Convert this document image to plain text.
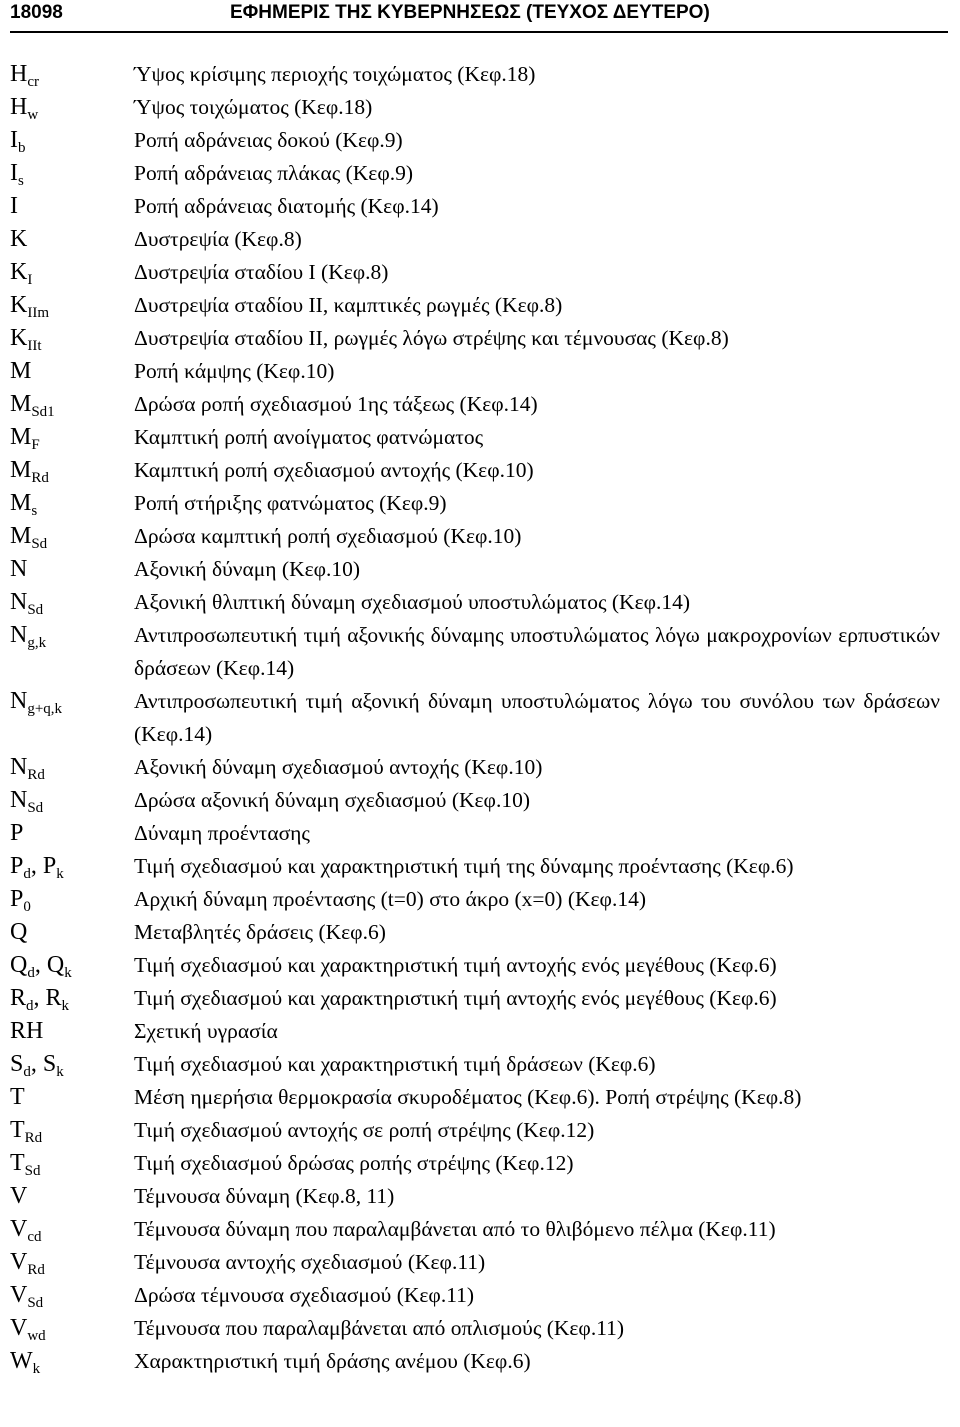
18098	ΕΦΗΜΕΡΙΣ ΤΗΣ ΚΥΒΕΡΝΗΣΕΩΣ (ΤΕΥΧΟΣ ΔΕΥΤΕΡΟ)
$H_{cr}$	Ύψος κρίσιμης περιοχής τοιχώματος (Κεφ.18)
$H_w$	Ύψος τοιχώματος (Κεφ.18)
$I_b$	Ροπή αδράνειας δοκού (Κεφ.9)
$I_s$	Ροπή αδράνειας πλάκας (Κεφ.9)
I	Ροπή αδράνειας διατομής (Κεφ.14)
K	Δυστρεψία (Κεφ.8)
$K_I$	Δυστρεψία σταδίου I (Κεφ.8)
$K_{IIm}$	Δυστρεψία σταδίου II, καμπτικές ρωγμές (Κεφ.8)
$K_{IIt}$	Δυστρεψία σταδίου II, ρωγμές λόγω στρέψης και τέμνουσας (Κεφ.8)
M	Ροπή κάμψης (Κεφ.10)
$M_{Sd1}$	Δρώσα ροπή σχεδιασμού 1ης τάξεως (Κεφ.14)
$M_F$	Καμπτική ροπή ανοίγματος φατνώματος
$M_{Rd}$	Καμπτική ροπή σχεδιασμού αντοχής (Κεφ.10)
$M_s$	Ροπή στήριξης φατνώματος (Κεφ.9)
$M_{Sd}$	Δρώσα καμπτική ροπή σχεδιασμού (Κεφ.10)
N	Αξονική δύναμη (Κεφ.10)
$N_{Sd}$	Αξονική θλιπτική δύναμη σχεδιασμού υποστυλώματος (Κεφ.14)
$N_{g,k}$	Αντιπροσωπευτική τιμή αξονικής δύναμης υποστυλώματος λόγω μακροχρονίων ερπυστικών δράσεων (Κεφ.14)
$N_{g+q,k}$	Αντιπροσωπευτική τιμή αξονική δύναμη υποστυλώματος λόγω του συνόλου των δράσεων (Κεφ.14)
$N_{Rd}$	Αξονική δύναμη σχεδιασμού αντοχής (Κεφ.10)
$N_{Sd}$	Δρώσα αξονική δύναμη σχεδιασμού (Κεφ.10)
P	Δύναμη προέντασης
$P_d$, $P_k$	Τιμή σχεδιασμού και χαρακτηριστική τιμή της δύναμης προέντασης (Κεφ.6)
$P_0$	Αρχική δύναμη προέντασης (t=0) στο άκρο (x=0) (Κεφ.14)
Q	Μεταβλητές δράσεις (Κεφ.6)
$Q_d$, $Q_k$	Τιμή σχεδιασμού και χαρακτηριστική τιμή αντοχής ενός μεγέθους (Κεφ.6)
$R_d$, $R_k$	Τιμή σχεδιασμού και χαρακτηριστική τιμή αντοχής ενός μεγέθους (Κεφ.6)
RH	Σχετική υγρασία
$S_d$, $S_k$	Τιμή σχεδιασμού και χαρακτηριστική τιμή δράσεων (Κεφ.6)
T	Μέση ημερήσια θερμοκρασία σκυροδέματος (Κεφ.6). Ροπή στρέψης (Κεφ.8)
$T_{Rd}$	Τιμή σχεδιασμού αντοχής σε ροπή στρέψης (Κεφ.12)
$T_{Sd}$	Τιμή σχεδιασμού δρώσας ροπής στρέψης (Κεφ.12)
V	Τέμνουσα δύναμη (Κεφ.8, 11)
$V_{cd}$	Τέμνουσα δύναμη που παραλαμβάνεται από το θλιβόμενο πέλμα (Κεφ.11)
$V_{Rd}$	Τέμνουσα αντοχής σχεδιασμού (Κεφ.11)
$V_{Sd}$	Δρώσα τέμνουσα σχεδιασμού (Κεφ.11)
$V_{wd}$	Τέμνουσα που παραλαμβάνεται από οπλισμούς (Κεφ.11)
$W_k$	Χαρακτηριστική τιμή δράσης ανέμου (Κεφ.6)
